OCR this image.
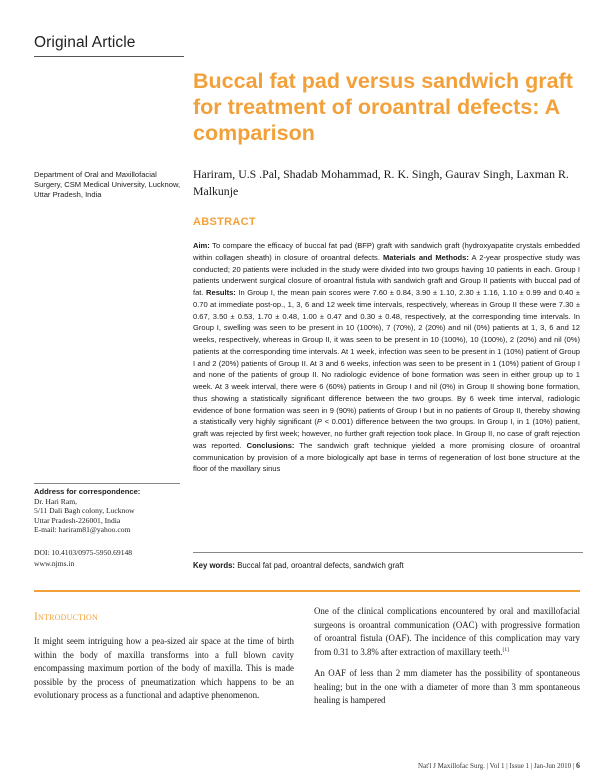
Original Article
Buccal fat pad versus sandwich graft for treatment of oroantral defects: A comparison
Department of Oral and Maxillofacial Surgery, CSM Medical University, Lucknow, Uttar Pradesh, India
Hariram, U.S .Pal, Shadab Mohammad, R. K. Singh, Gaurav Singh, Laxman R. Malkunje
ABSTRACT
Aim: To compare the efficacy of buccal fat pad (BFP) graft with sandwich graft (hydroxyapatite crystals embedded within collagen sheath) in closure of oroantral defects. Materials and Methods: A 2-year prospective study was conducted; 20 patients were included in the study were divided into two groups having 10 patients in each. Group I patients underwent surgical closure of oroantral fistula with sandwich graft and Group II patients with buccal pad of fat. Results: In Group I, the mean pain scores were 7.60 ± 0.84, 3.90 ± 1.10, 2.30 ± 1.16, 1.10 ± 0.99 and 0.40 ± 0.70 at immediate post-op., 1, 3, 6 and 12 week time intervals, respectively, whereas in Group II these were 7.30 ± 0.67, 3.50 ± 0.53, 1.70 ± 0.48, 1.00 ± 0.47 and 0.30 ± 0.48, respectively, at the corresponding time intervals. In Group I, swelling was seen to be present in 10 (100%), 7 (70%), 2 (20%) and nil (0%) patients at 1, 3, 6 and 12 weeks, respectively, whereas in Group II, it was seen to be present in 10 (100%), 10 (100%), 2 (20%) and nil (0%) patients at the corresponding time intervals. At 1 week, infection was seen to be present in 1 (10%) patient of Group I and 2 (20%) patients of Group II. At 3 and 6 weeks, infection was seen to be present in 1 (10%) patient of Group I and none of the patients of group II. No radiologic evidence of bone formation was seen in either group up to 1 week. At 3 week interval, there were 6 (60%) patients in Group I and nil (0%) in Group II showing bone formation, thus showing a statistically significant difference between the two groups. By 6 week time interval, radiologic evidence of bone formation was seen in 9 (90%) patients of Group I but in no patients of Group II, thereby showing a statistically very highly significant (P < 0.001) difference between the two groups. In Group I, in 1 (10%) patient, graft was rejected by first week; however, no further graft rejection took place. In Group II, no case of graft rejection was reported. Conclusions: The sandwich graft technique yielded a more promising closure of oroantral communication by provision of a more biologically apt base in terms of regeneration of lost bone structure at the floor of the maxillary sinus
Address for correspondence:
Dr. Hari Ram,
5/11 Dali Bagh colony, Lucknow
Uttar Pradesh-226001, India
E-mail: hariram81@yahoo.com
DOI: 10.4103/0975-5950.69148
www.njms.in	Key words: Buccal fat pad, oroantral defects, sandwich graft
Introduction

It might seem intriguing how a pea-sized air space at the time of birth within the body of maxilla transforms into a full blown cavity encompassing maximum portion of the body of maxilla. This is made possible by the process of pneumatization which happens to be an evolutionary process as a functional and adaptive phenomenon.

One of the clinical complications encountered by oral and maxillofacial surgeons is oroantral communication (OAC) with progressive formation of oroantral fistula (OAF). The incidence of this complication may vary from 0.31 to 3.8% after extraction of maxillary teeth.[1]

An OAF of less than 2 mm diameter has the possibility of spontaneous healing; but in the one with a diameter of more than 3 mm spontaneous healing is hampered

Nat'l J Maxillofac Surg. | Vol 1 | Issue 1 | Jan-Jun 2010 | 6
